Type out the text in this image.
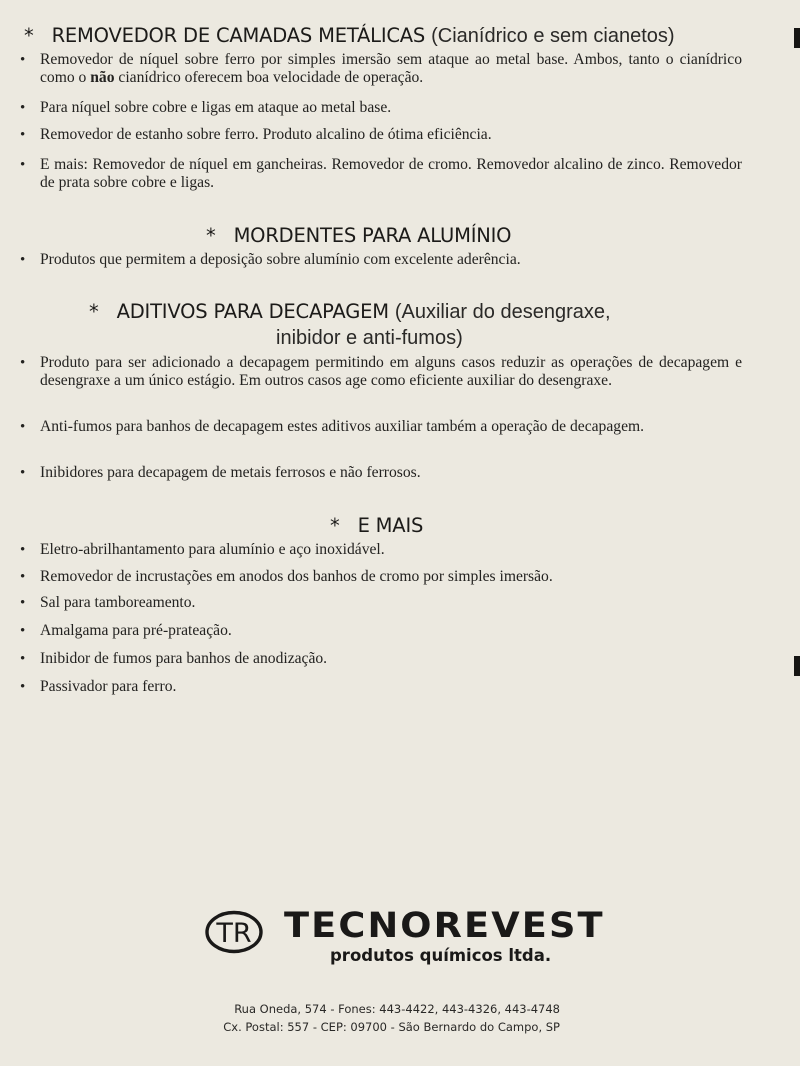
* REMOVEDOR DE CAMADAS METÁLICAS (Cianídrico e sem cianetos)
• Removedor de níquel sobre ferro por simples imersão sem ataque ao metal base. Ambos, tanto o cianídrico como o não cianídrico oferecem boa velocidade de operação.
• Para níquel sobre cobre e ligas em ataque ao metal base.
• Removedor de estanho sobre ferro. Produto alcalino de ótima eficiência.
• E mais: Removedor de níquel em gancheiras. Removedor de cromo. Removedor alcalino de zinco. Removedor de prata sobre cobre e ligas.
* MORDENTES PARA ALUMÍNIO
• Produtos que permitem a deposição sobre alumínio com excelente aderência.
* ADITIVOS PARA DECAPAGEM (Auxiliar do desengraxe,
inibidor e anti-fumos)
• Produto para ser adicionado a decapagem permitindo em alguns casos reduzir as operações de decapagem e desengraxe a um único estágio. Em outros casos age como eficiente auxiliar do desengraxe.
• Anti-fumos para banhos de decapagem estes aditivos auxiliar também a operação de decapagem.
• Inibidores para decapagem de metais ferrosos e não ferrosos.
* E MAIS
• Eletro-abrilhantamento para alumínio e aço inoxidável.
• Removedor de incrustações em anodos dos banhos de cromo por simples imersão.
• Sal para tamboreamento.
• Amalgama para pré-prateação.
• Inibidor de fumos para banhos de anodização.
• Passivador para ferro.
TR TECNOREVEST
produtos químicos ltda.
Rua Oneda, 574 - Fones: 443-4422, 443-4326, 443-4748
Cx. Postal: 557 - CEP: 09700 - São Bernardo do Campo, SP
